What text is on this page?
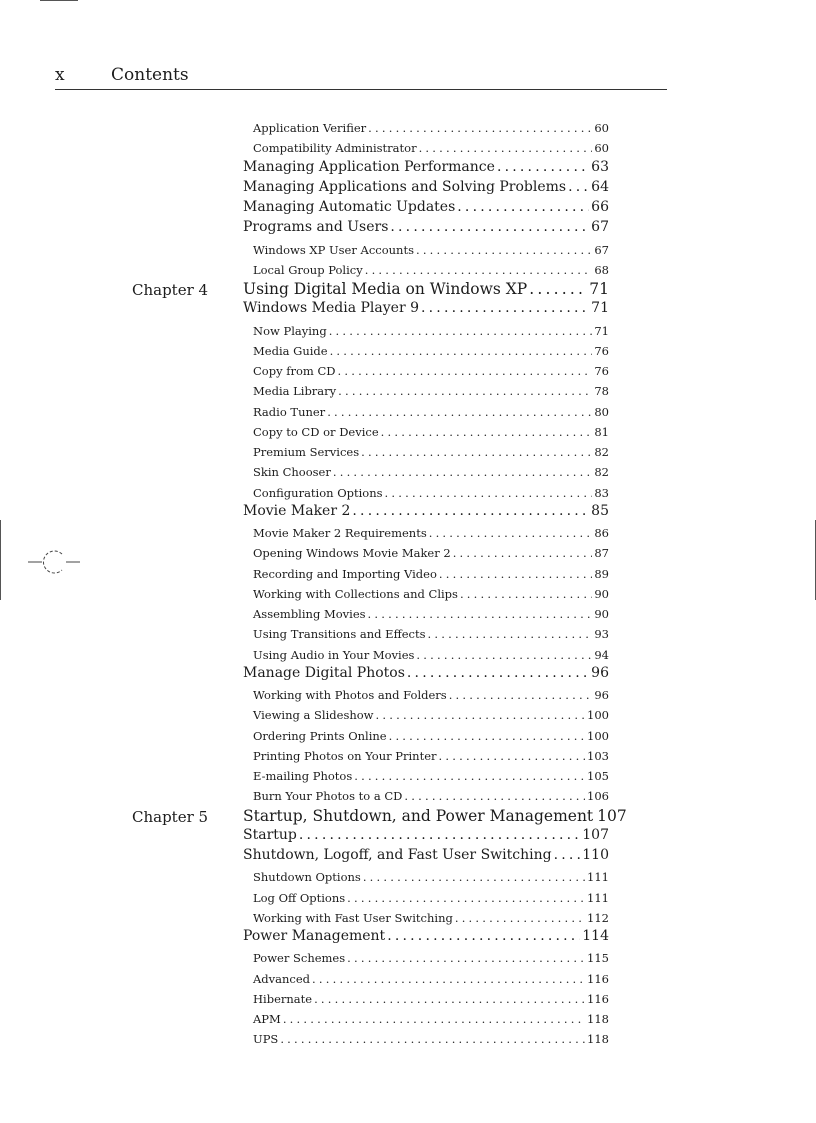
x	Contents
Application Verifier .....	60
Compatibility Administrator .....	60
Managing Application Performance .....	63
Managing Applications and Solving Problems ..... 64
Managing Automatic Updates .....	66
Programs and Users .....	67
Windows XP User Accounts .....	67
Local Group Policy .....	68
Chapter 4 Using Digital Media on Windows XP .....	71
Windows Media Player 9 .....	71
Now Playing .....	71
Media Guide .....	76
Copy from CD .....	76
Media Library .....	78
Radio Tuner .....	80
Copy to CD or Device .....	81
Premium Services .....	82
Skin Chooser .....	82
Configuration Options .....	83
Movie Maker 2 .....	85
Movie Maker 2 Requirements .....	86
Opening Windows Movie Maker 2 .....	87
Recording and Importing Video .....	89
Working with Collections and Clips .....	90
Assembling Movies .....	90
Using Transitions and Effects .....	93
Using Audio in Your Movies .....	94
Manage Digital Photos .....	96
Working with Photos and Folders .....	96
Viewing a Slideshow .....	100
Ordering Prints Online .....	100
Printing Photos on Your Printer .....	103
E-mailing Photos .....	105
Burn Your Photos to a CD .....	106
Chapter 5 Startup, Shutdown, and Power Management ..... 107
Startup .....	107
Shutdown, Logoff, and Fast User Switching ..... 110
Shutdown Options .....	111
Log Off Options .....	111
Working with Fast User Switching .....	112
Power Management .....	114
Power Schemes .....	115
Advanced .....	116
Hibernate .....	116
APM .....	118
UPS .....	118
